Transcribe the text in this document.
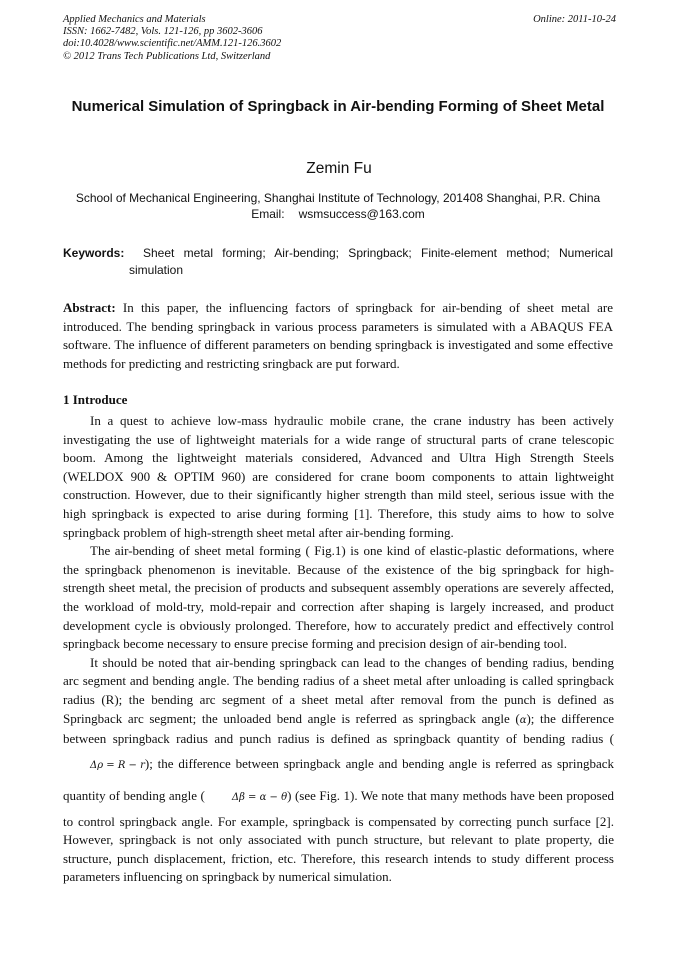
Applied Mechanics and Materials
ISSN: 1662-7482, Vols. 121-126, pp 3602-3606
doi:10.4028/www.scientific.net/AMM.121-126.3602
© 2012 Trans Tech Publications Ltd, Switzerland
Online: 2011-10-24
Numerical Simulation of Springback in Air-bending Forming of Sheet Metal
Zemin Fu
School of Mechanical Engineering, Shanghai Institute of Technology, 201408 Shanghai, P.R. China
Email: wsmsuccess@163.com
Keywords: Sheet metal forming; Air-bending; Springback; Finite-element method; Numerical
simulation
Abstract: In this paper, the influencing factors of springback for air-bending of sheet metal are introduced. The bending springback in various process parameters is simulated with a ABAQUS FEA software. The influence of different parameters on bending springback is investigated and some effective methods for predicting and restricting sringback are put forward.
1 Introduce

In a quest to achieve low-mass hydraulic mobile crane, the crane industry has been actively investigating the use of lightweight materials for a wide range of structural parts of crane telescopic boom. Among the lightweight materials considered, Advanced and Ultra High Strength Steels (WELDOX 900 & OPTIM 960) are considered for crane boom components to attain lightweight construction. However, due to their significantly higher strength than mild steel, serious issue with the high springback is expected to arise during forming [1]. Therefore, this study aims to how to solve springback problem of high-strength sheet metal after air-bending forming.

The air-bending of sheet metal forming ( Fig.1) is one kind of elastic-plastic deformations, where the springback phenomenon is inevitable. Because of the existence of the big springback for high-strength sheet metal, the precision of products and subsequent assembly operations are severely affected, the workload of mold-try, mold-repair and correction after shaping is largely increased, and product development cycle is obviously prolonged. Therefore, how to accurately predict and effectively control springback become necessary to ensure precise forming and precision design of air-bending tool.

It should be noted that air-bending springback can lead to the changes of bending radius, bending arc segment and bending angle. The bending radius of a sheet metal after unloading is called springback radius (R); the bending arc segment of a sheet metal after removal from the punch is defined as Springback arc segment; the unloaded bend angle is referred as springback angle (α); the difference between springback radius and punch radius is defined as springback quantity of bending radius (Δρ = R − r); the difference between springback angle and bending angle is referred as springback quantity of bending angle (	Δβ = α − θ) (see Fig. 1). We note that many methods have been proposed to control springback angle. For example, springback is compensated by correcting punch surface [2]. However, springback is not only associated with punch structure, but relevant to plate property, die structure, punch displacement, friction, etc. Therefore, this research intends to study different process parameters influencing on springback by numerical simulation.
